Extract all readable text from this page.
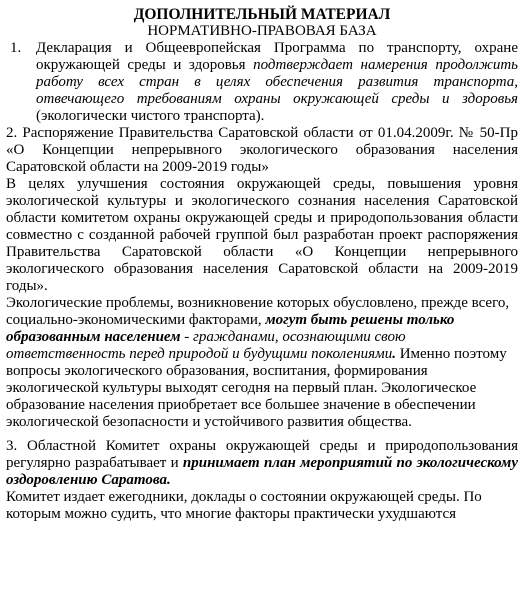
ДОПОЛНИТЕЛЬНЫЙ МАТЕРИАЛ
НОРМАТИВНО-ПРАВОВАЯ БАЗА
1. Декларация и Общеевропейская Программа по транспорту, охране окружающей среды и здоровья подтверждает намерения продолжить работу всех стран в целях обеспечения развития транспорта, отвечающего требованиям охраны окружающей среды и здоровья (экологически чистого транспорта).

2. Распоряжение Правительства Саратовской области от 01.04.2009г. № 50-Пр «О Концепции непрерывного экологического образования населения Саратовской области на 2009-2019 годы»

В целях улучшения состояния окружающей среды, повышения уровня экологической культуры и экологического сознания населения Саратовской области комитетом охраны окружающей среды и природопользования области совместно с созданной рабочей группой был разработан проект распоряжения Правительства Саратовской области «О Концепции непрерывного экологического образования населения Саратовской области на 2009-2019 годы».

Экологические проблемы, возникновение которых обусловлено, прежде всего, социально-экономическими факторами, могут быть решены только образованным населением - гражданами, осознающими свою ответственность перед природой и будущими поколениями. Именно поэтому вопросы экологического образования, воспитания, формирования экологической культуры выходят сегодня на первый план. Экологическое образование населения приобретает все большее значение в обеспечении экологической безопасности и устойчивого развития общества.

3. Областной Комитет охраны окружающей среды и природопользования регулярно разрабатывает и принимает план мероприятий по экологическому оздоровлению Саратова.

Комитет издает ежегодники, доклады о состоянии окружающей среды. По которым можно судить, что многие факторы практически ухудшаются
